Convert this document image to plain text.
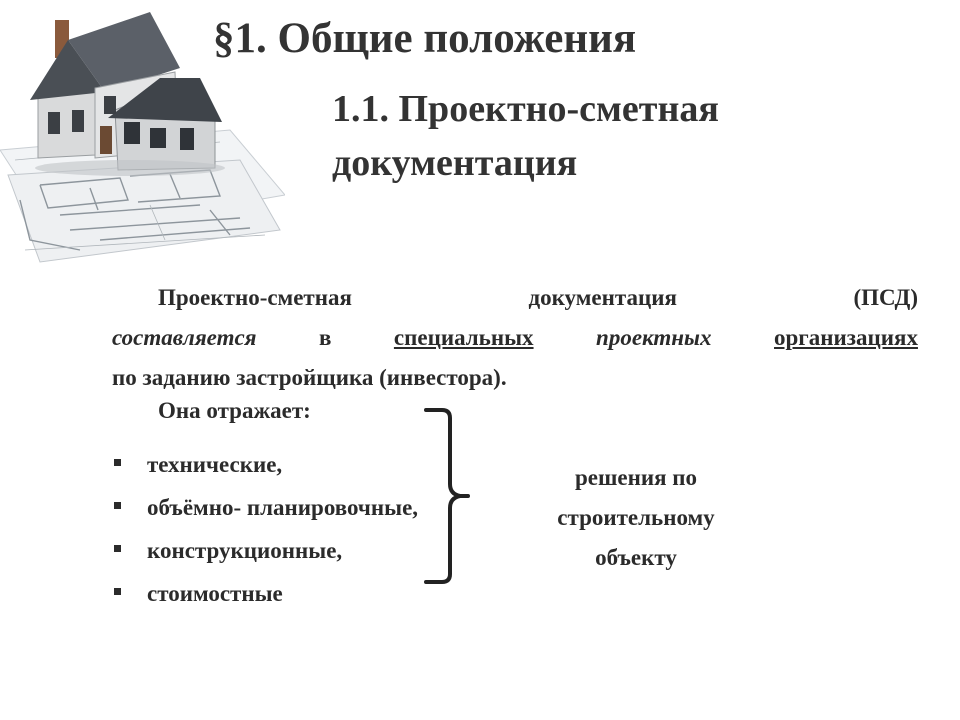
§1. Общие положения
1.1. Проектно-сметная
документация
Проектно-сметная	документация	(ПСД)
составляется	в	специальных	проектных	организациях
по заданию застройщика (инвестора).
Она отражает:
технические,
объёмно- планировочные,
конструкционные,
стоимостные
решения по
строительному
объекту
